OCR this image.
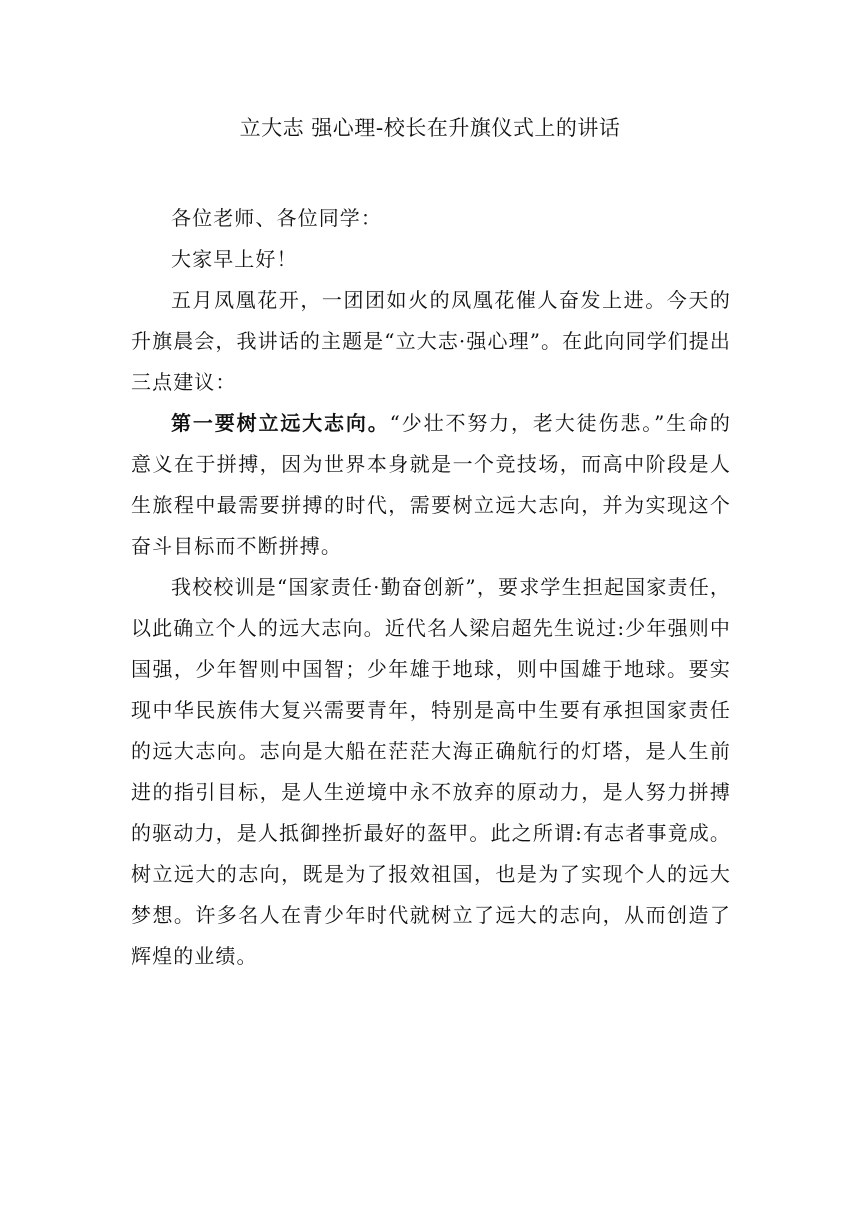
立大志 强心理-校长在升旗仪式上的讲话

各位老师、各位同学：

大家早上好！

五月凤凰花开，一团团如火的凤凰花催人奋发上进。今天的升旗晨会，我讲话的主题是“立大志·强心理”。在此向同学们提出三点建议：

第一要树立远大志向。“少壮不努力，老大徒伤悲。”生命的意义在于拼搏，因为世界本身就是一个竞技场，而高中阶段是人生旅程中最需要拼搏的时代，需要树立远大志向，并为实现这个奋斗目标而不断拼搏。

我校校训是“国家责任·勤奋创新”，要求学生担起国家责任，以此确立个人的远大志向。近代名人梁启超先生说过:少年强则中国强，少年智则中国智；少年雄于地球，则中国雄于地球。要实现中华民族伟大复兴需要青年，特别是高中生要有承担国家责任的远大志向。志向是大船在茫茫大海正确航行的灯塔，是人生前进的指引目标，是人生逆境中永不放弃的原动力，是人努力拼搏的驱动力，是人抵御挫折最好的盔甲。此之所谓:有志者事竟成。树立远大的志向，既是为了报效祖国，也是为了实现个人的远大梦想。许多名人在青少年时代就树立了远大的志向，从而创造了辉煌的业绩。
